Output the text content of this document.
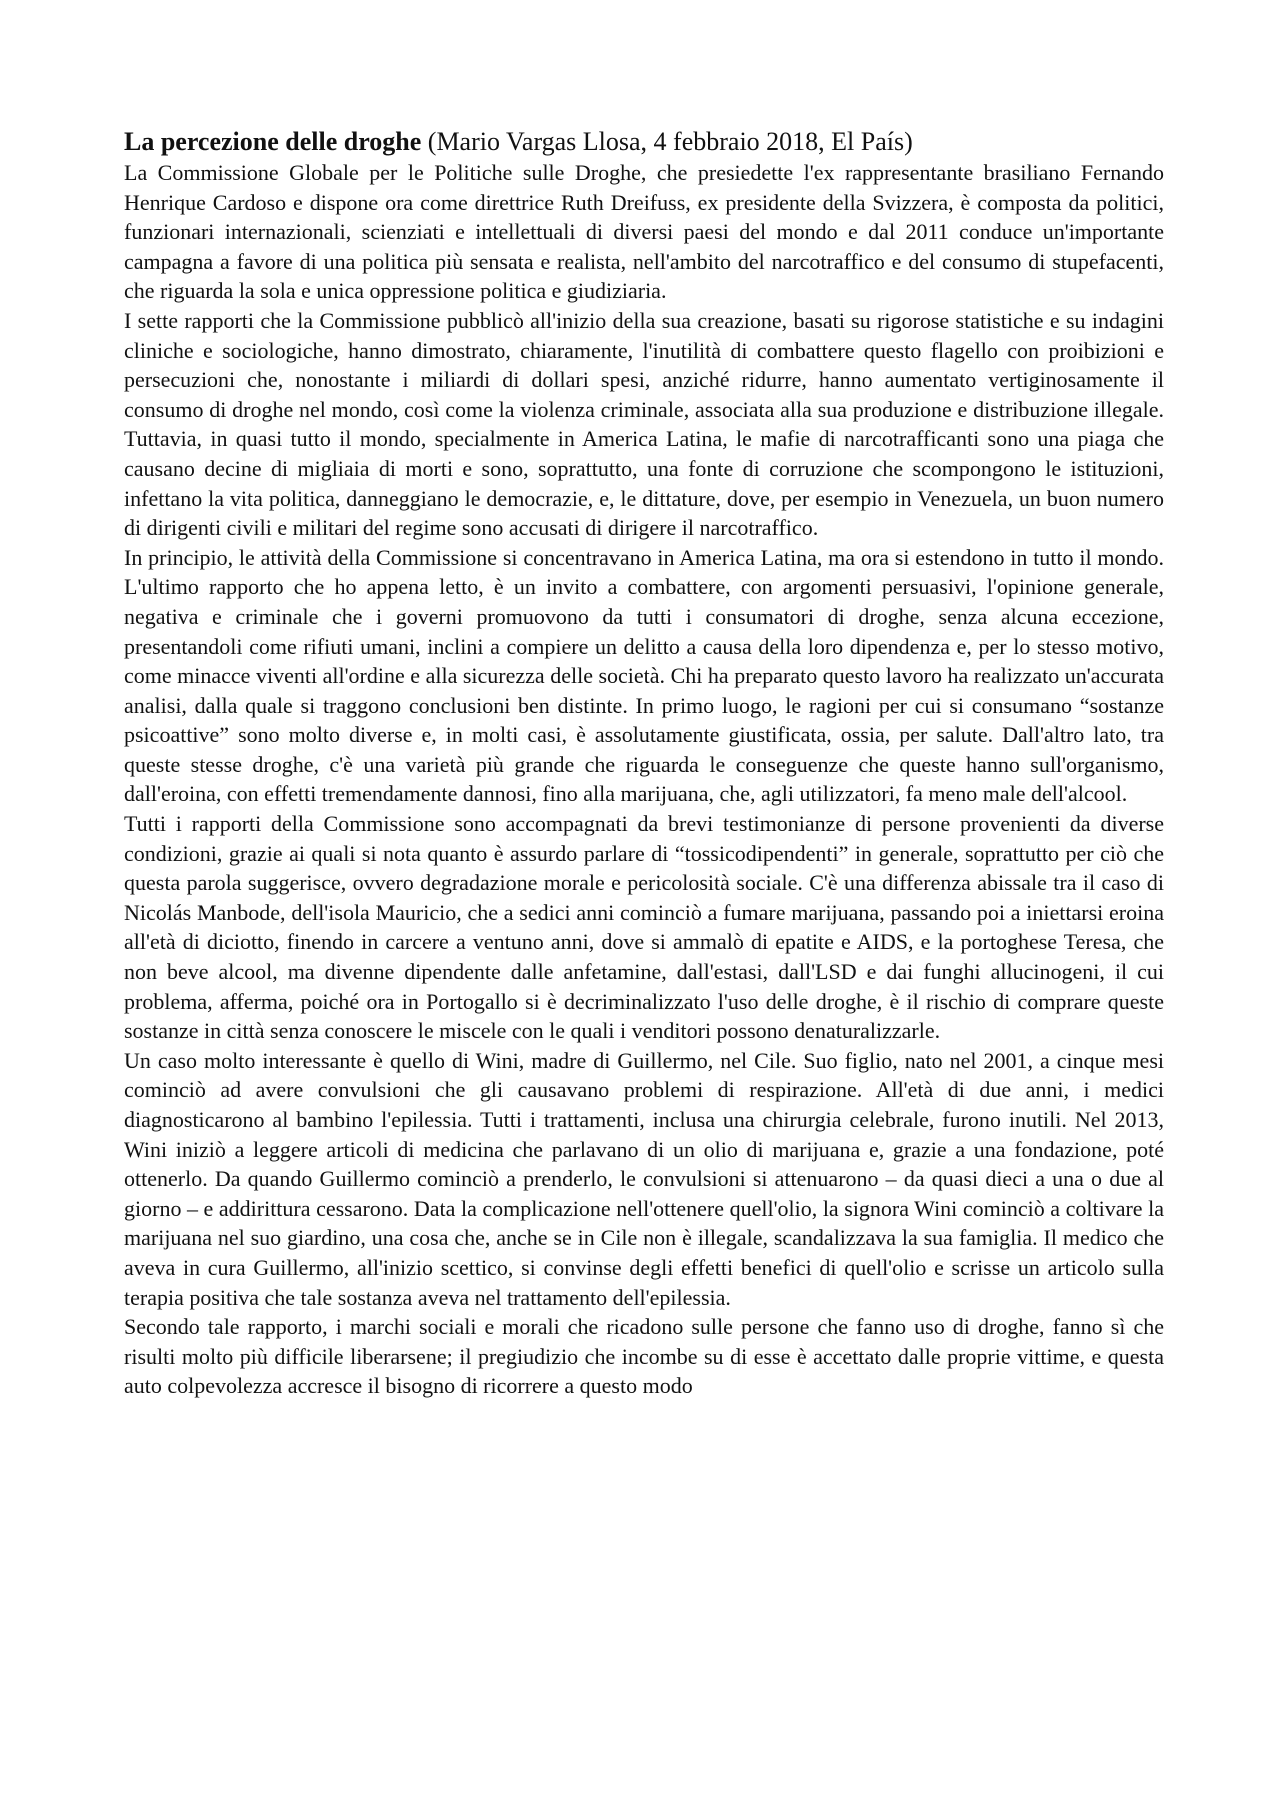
La percezione delle droghe (Mario Vargas Llosa, 4 febbraio 2018, El País)

La Commissione Globale per le Politiche sulle Droghe, che presiedette l'ex rappresentante brasiliano Fernando Henrique Cardoso e dispone ora come direttrice Ruth Dreifuss, ex presidente della Svizzera, è composta da politici, funzionari internazionali, scienziati e intellettuali di diversi paesi del mondo e dal 2011 conduce un'importante campagna a favore di una politica più sensata e realista, nell'ambito del narcotraffico e del consumo di stupefacenti, che riguarda la sola e unica oppressione politica e giudiziaria.

I sette rapporti che la Commissione pubblicò all'inizio della sua creazione, basati su rigorose statistiche e su indagini cliniche e sociologiche, hanno dimostrato, chiaramente, l'inutilità di combattere questo flagello con proibizioni e persecuzioni che, nonostante i miliardi di dollari spesi, anziché ridurre, hanno aumentato vertiginosamente il consumo di droghe nel mondo, così come la violenza criminale, associata alla sua produzione e distribuzione illegale. Tuttavia, in quasi tutto il mondo, specialmente in America Latina, le mafie di narcotrafficanti sono una piaga che causano decine di migliaia di morti e sono, soprattutto, una fonte di corruzione che scompongono le istituzioni, infettano la vita politica, danneggiano le democrazie, e, le dittature, dove, per esempio in Venezuela, un buon numero di dirigenti civili e militari del regime sono accusati di dirigere il narcotraffico.

In principio, le attività della Commissione si concentravano in America Latina, ma ora si estendono in tutto il mondo. L'ultimo rapporto che ho appena letto, è un invito a combattere, con argomenti persuasivi, l'opinione generale, negativa e criminale che i governi promuovono da tutti i consumatori di droghe, senza alcuna eccezione, presentandoli come rifiuti umani, inclini a compiere un delitto a causa della loro dipendenza e, per lo stesso motivo, come minacce viventi all'ordine e alla sicurezza delle società. Chi ha preparato questo lavoro ha realizzato un'accurata analisi, dalla quale si traggono conclusioni ben distinte. In primo luogo, le ragioni per cui si consumano “sostanze psicoattive” sono molto diverse e, in molti casi, è assolutamente giustificata, ossia, per salute. Dall'altro lato, tra queste stesse droghe, c'è una varietà più grande che riguarda le conseguenze che queste hanno sull'organismo, dall'eroina, con effetti tremendamente dannosi, fino alla marijuana, che, agli utilizzatori, fa meno male dell'alcool.

Tutti i rapporti della Commissione sono accompagnati da brevi testimonianze di persone provenienti da diverse condizioni, grazie ai quali si nota quanto è assurdo parlare di “tossicodipendenti” in generale, soprattutto per ciò che questa parola suggerisce, ovvero degradazione morale e pericolosità sociale. C'è una differenza abissale tra il caso di Nicolás Manbode, dell'isola Mauricio, che a sedici anni cominciò a fumare marijuana, passando poi a iniettarsi eroina all'età di diciotto, finendo in carcere a ventuno anni, dove si ammalò di epatite e AIDS, e la portoghese Teresa, che non beve alcool, ma divenne dipendente dalle anfetamine, dall'estasi, dall'LSD e dai funghi allucinogeni, il cui problema, afferma, poiché ora in Portogallo si è decriminalizzato l'uso delle droghe, è il rischio di comprare queste sostanze in città senza conoscere le miscele con le quali i venditori possono denaturalizzarle.

Un caso molto interessante è quello di Wini, madre di Guillermo, nel Cile. Suo figlio, nato nel 2001, a cinque mesi cominciò ad avere convulsioni che gli causavano problemi di respirazione. All'età di due anni, i medici diagnosticarono al bambino l'epilessia. Tutti i trattamenti, inclusa una chirurgia celebrale, furono inutili. Nel 2013, Wini iniziò a leggere articoli di medicina che parlavano di un olio di marijuana e, grazie a una fondazione, poté ottenerlo. Da quando Guillermo cominciò a prenderlo, le convulsioni si attenuarono – da quasi dieci a una o due al giorno – e addirittura cessarono. Data la complicazione nell'ottenere quell'olio, la signora Wini cominciò a coltivare la marijuana nel suo giardino, una cosa che, anche se in Cile non è illegale, scandalizzava la sua famiglia. Il medico che aveva in cura Guillermo, all'inizio scettico, si convinse degli effetti benefici di quell'olio e scrisse un articolo sulla terapia positiva che tale sostanza aveva nel trattamento dell'epilessia.

Secondo tale rapporto, i marchi sociali e morali che ricadono sulle persone che fanno uso di droghe, fanno sì che risulti molto più difficile liberarsene; il pregiudizio che incombe su di esse è accettato dalle proprie vittime, e questa auto colpevolezza accresce il bisogno di ricorrere a questo modo
